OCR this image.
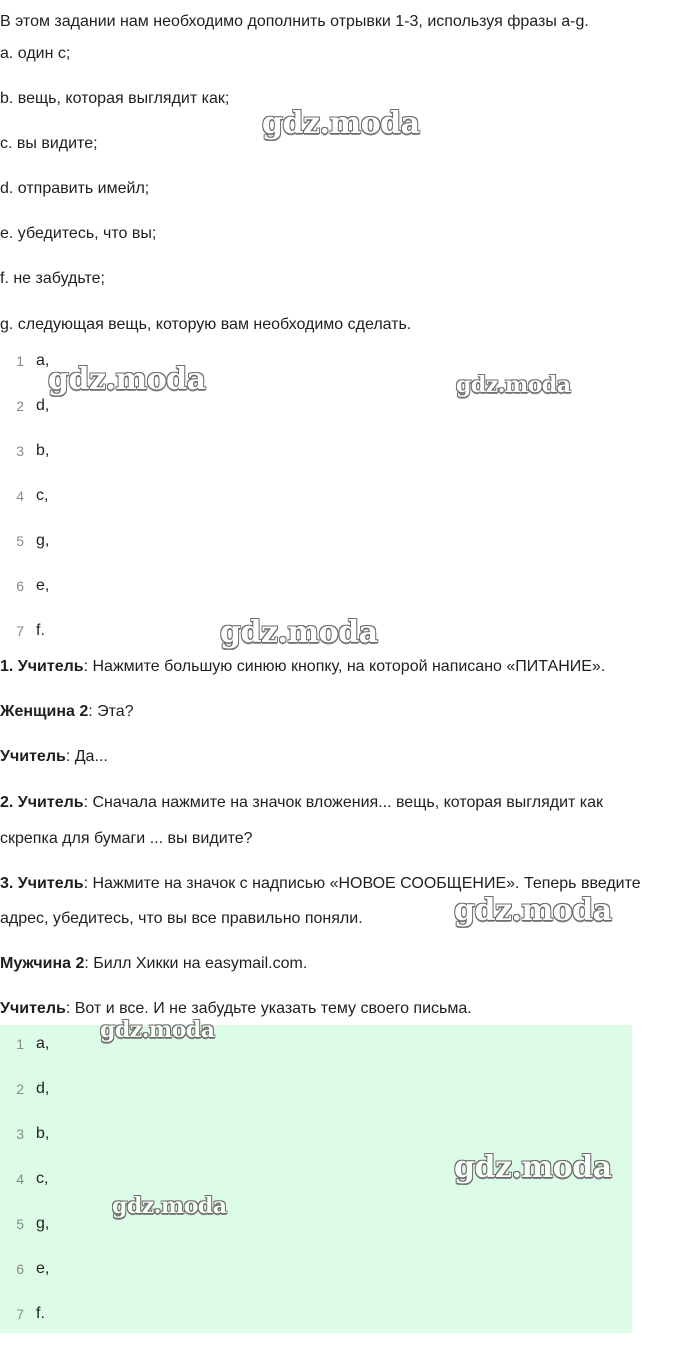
В этом задании нам необходимо дополнить отрывки 1-3, используя фразы a-g.
a. один с;
b. вещь, которая выглядит как;
c. вы видите;
d. отправить имейл;
e. убедитесь, что вы;
f. не забудьте;
g. следующая вещь, которую вам необходимо сделать.
1 a,
2 d,
3 b,
4 c,
5 g,
6 e,
7 f.
1. Учитель: Нажмите большую синюю кнопку, на которой написано «ПИТАНИЕ».
Женщина 2: Эта?
Учитель: Да...
2. Учитель: Сначала нажмите на значок вложения... вещь, которая выглядит как
скрепка для бумаги ... вы видите?
3. Учитель: Нажмите на значок с надписью «НОВОЕ СООБЩЕНИЕ». Теперь введите
адрес, убедитесь, что вы все правильно поняли.
Мужчина 2: Билл Хикки на easymail.com.
Учитель: Вот и все. И не забудьте указать тему своего письма.
1 a,
2 d,
3 b,
4 c,
5 g,
6 e,
7 f.
gdz.moda
gdz.moda	gdz.moda
gdz.moda
gdz.moda
gdz.moda
gdz.moda
gdz.moda
